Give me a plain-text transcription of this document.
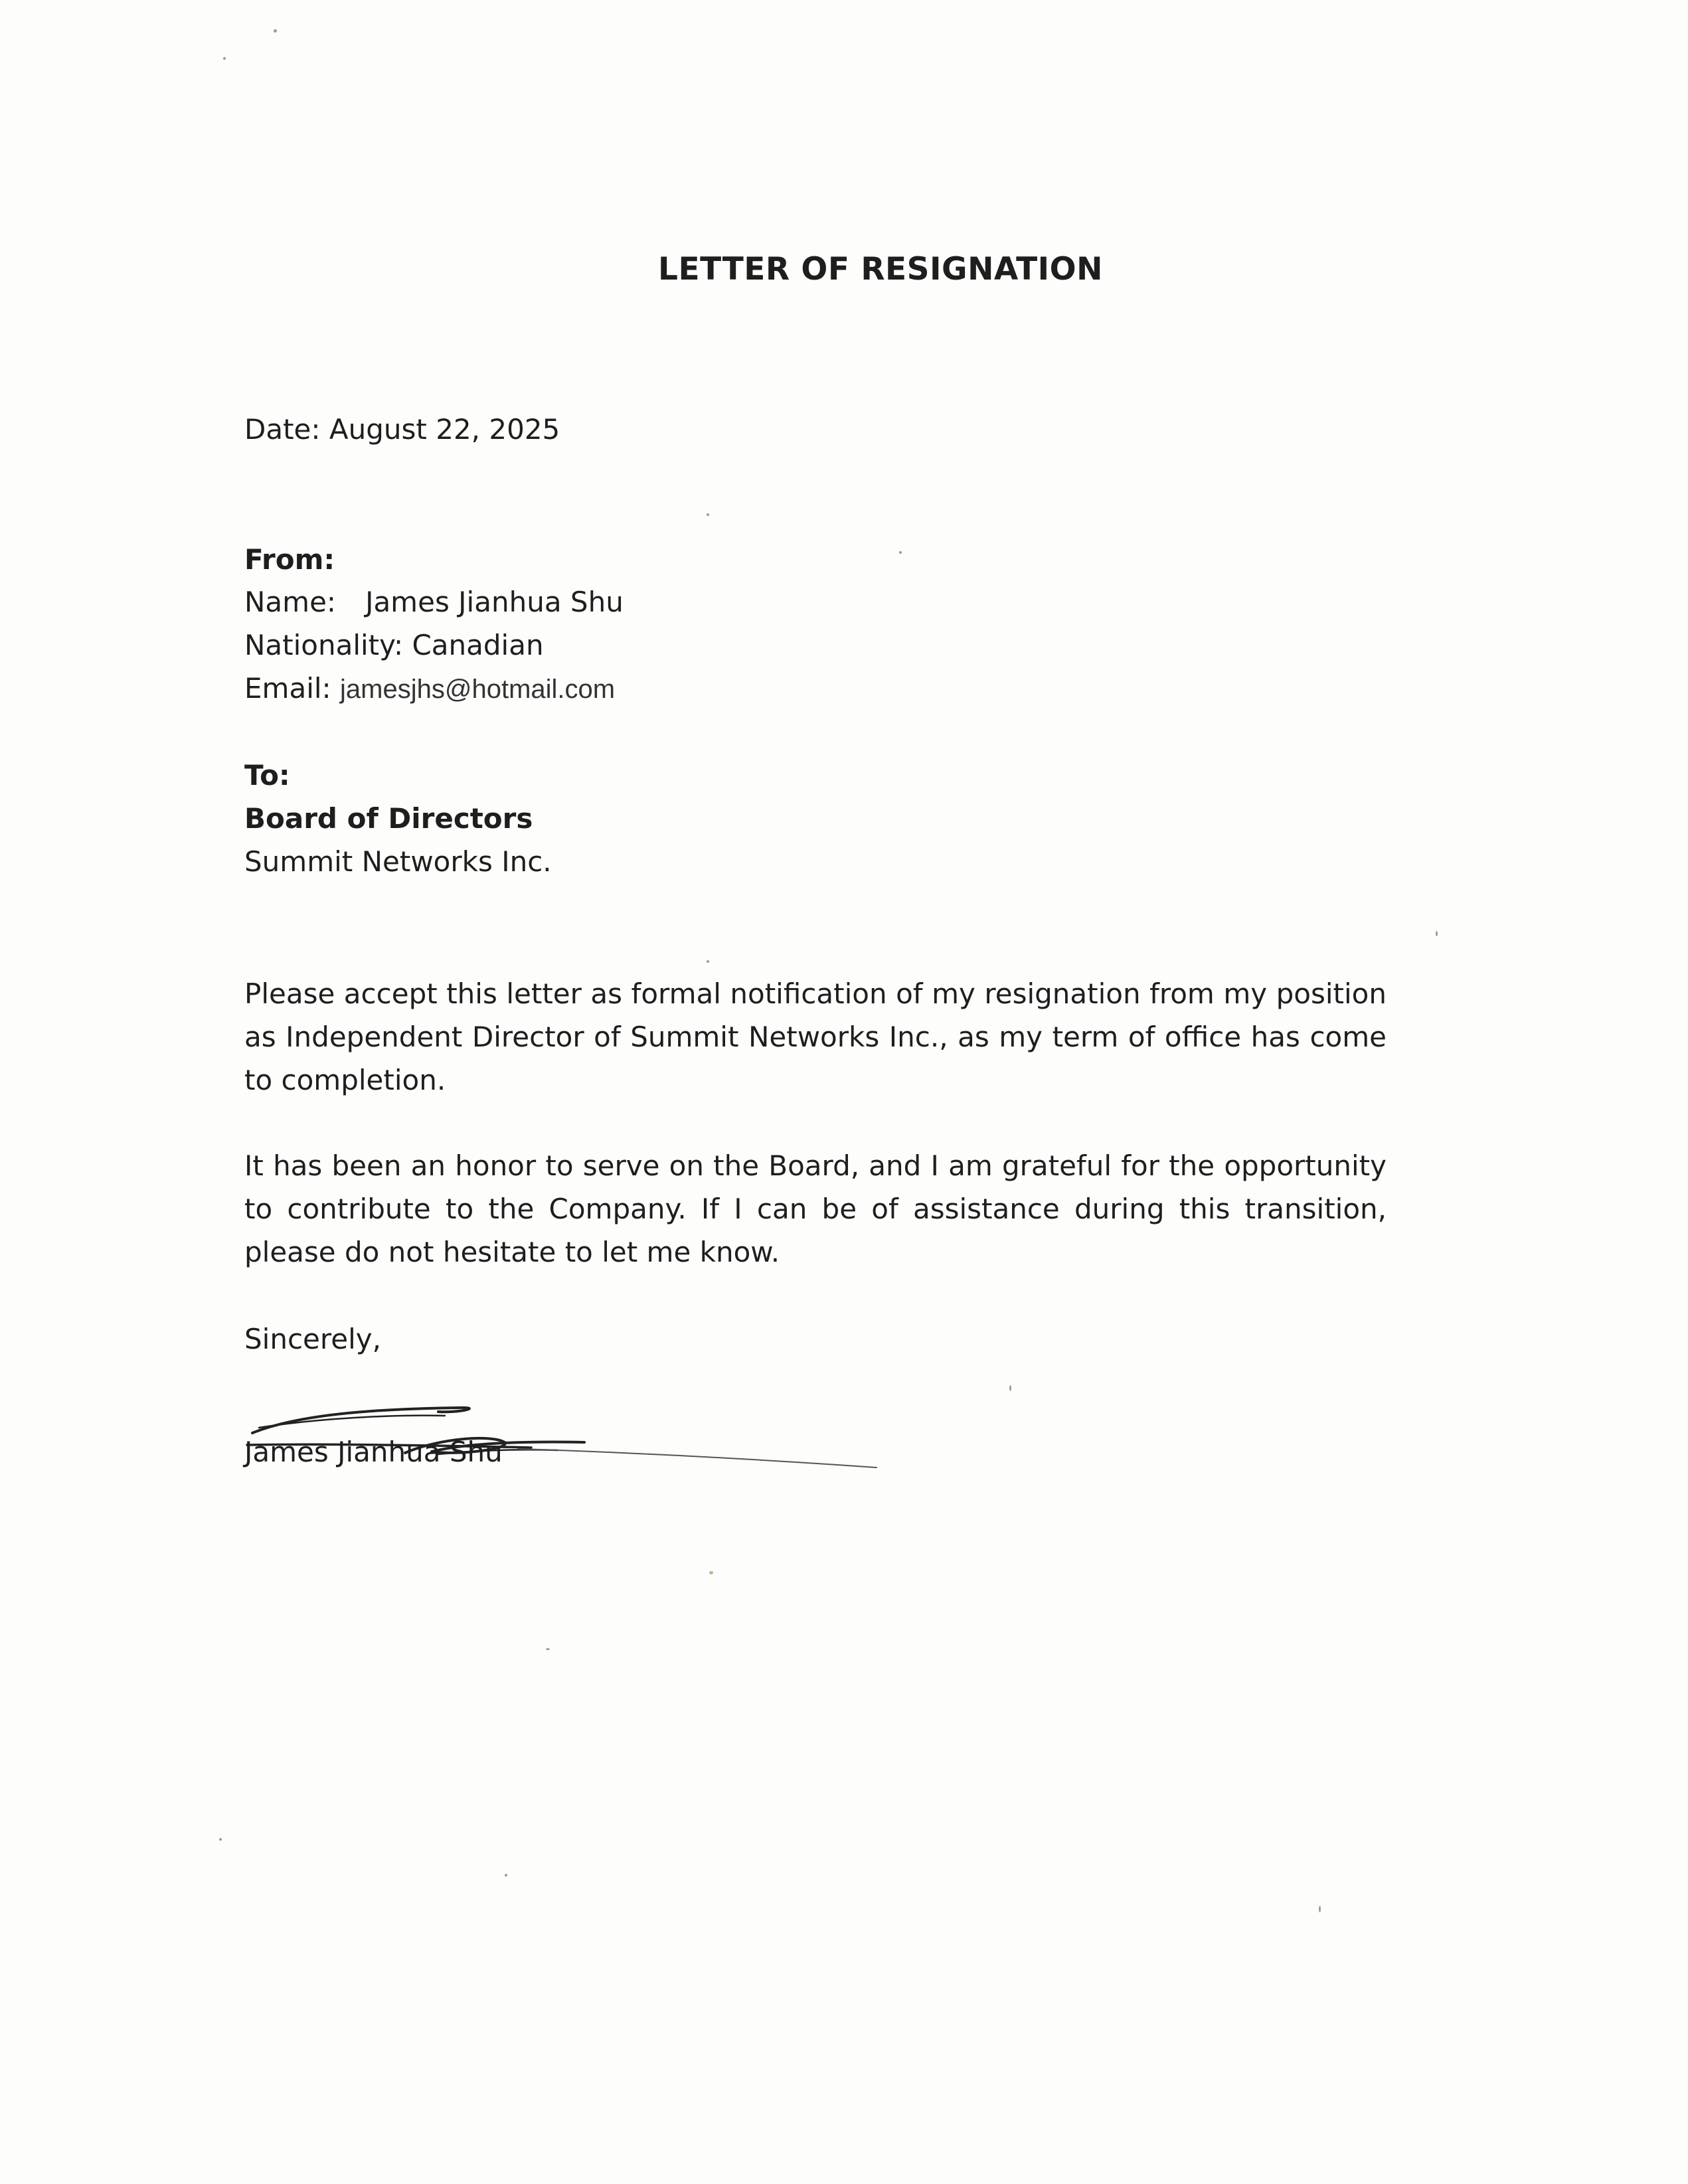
LETTER OF RESIGNATION
Date: August 22, 2025
From:
Name: James Jianhua Shu
Nationality: Canadian
Email: jamesjhs@hotmail.com
To:
Board of Directors
Summit Networks Inc.
Please accept this letter as formal notification of my resignation from my position as Independent Director of Summit Networks Inc., as my term of office has come to completion.
It has been an honor to serve on the Board, and I am grateful for the opportunity to contribute to the Company. If I can be of assistance during this transition, please do not hesitate to let me know.
Sincerely,
James Jianhua Shu
